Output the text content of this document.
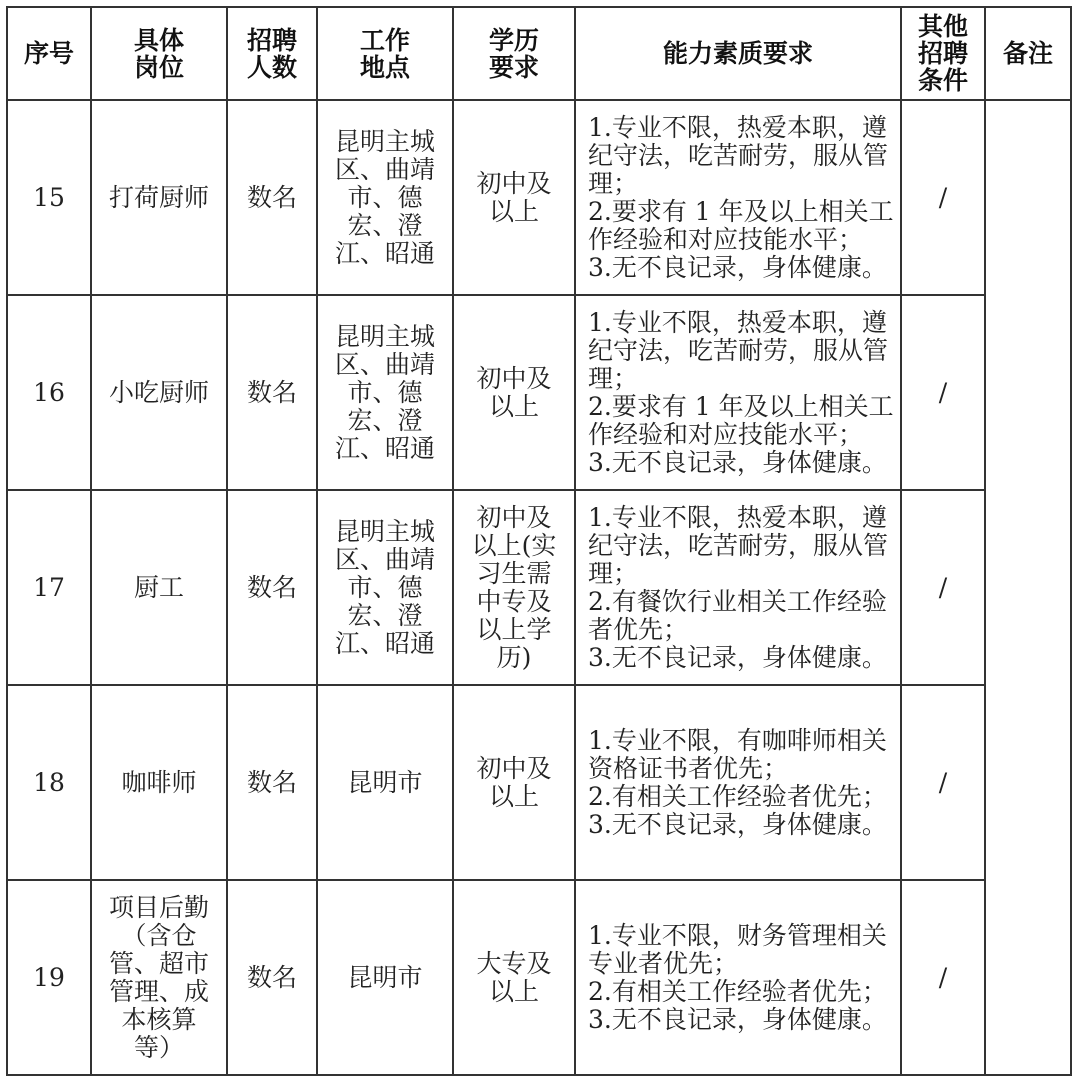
序号	具体岗位	招聘人数	工作地点	学历要求	能力素质要求	其他招聘条件	备注
15	打荷厨师	数名	昆明主城区、曲靖市、德宏、澄江、昭通	初中及以上	1.专业不限，热爱本职，遵纪守法，吃苦耐劳，服从管理；
2.要求有 1 年及以上相关工作经验和对应技能水平；
3.无不良记录，身体健康。	/	
16	小吃厨师	数名	昆明主城区、曲靖市、德宏、澄江、昭通	初中及以上	1.专业不限，热爱本职，遵纪守法，吃苦耐劳，服从管理；
2.要求有 1 年及以上相关工作经验和对应技能水平；
3.无不良记录，身体健康。	/	
17	厨工	数名	昆明主城区、曲靖市、德宏、澄江、昭通	初中及以上(实习生需中专及以上学历)	1.专业不限，热爱本职，遵纪守法，吃苦耐劳，服从管理；
2.有餐饮行业相关工作经验者优先；
3.无不良记录，身体健康。	/	
18	咖啡师	数名	昆明市	初中及以上	1.专业不限，有咖啡师相关资格证书者优先；
2.有相关工作经验者优先；
3.无不良记录，身体健康。	/	
19	项目后勤（含仓管、超市管理、成本核算等）	数名	昆明市	大专及以上	1.专业不限，财务管理相关专业者优先；
2.有相关工作经验者优先；
3.无不良记录，身体健康。	/	
